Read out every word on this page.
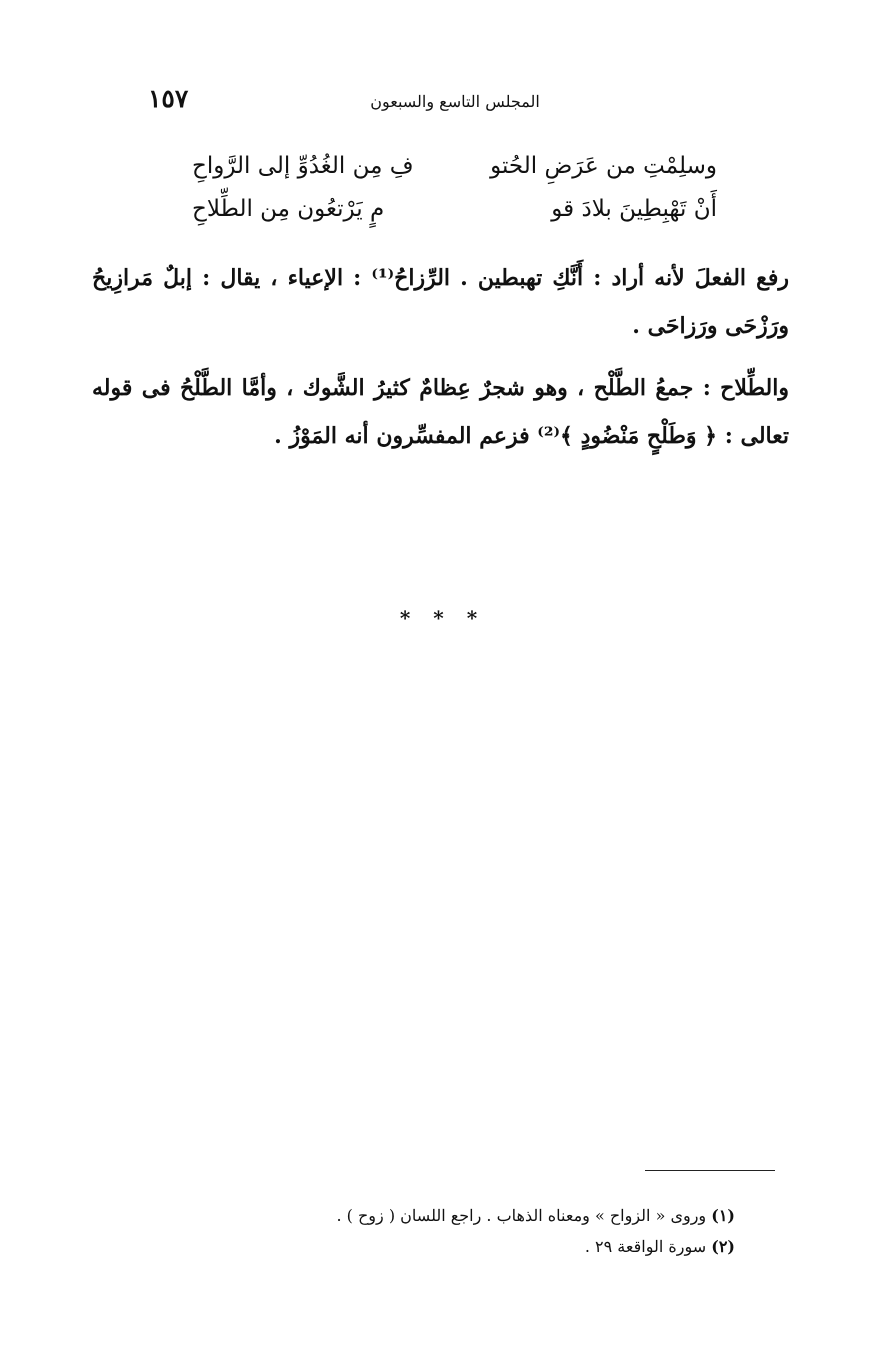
١٥٧	المجلس التاسع والسبعون
وسلِمْتِ من عَرَضِ الحُتو
فِ مِن الغُدُوِّ إلى الرَّواحِ
أَنْ تَهْبِطِينَ بلادَ قو
مٍ يَرْتعُون مِن الطِّلاحِ
رفع الفعلَ لأنه أراد : أَنَّكِ تهبطين . الرِّزاحُ⁽¹⁾ : الإعياء ، يقال : إبلٌ مَرازِيحُ ورَزْحَى ورَزاحَى .
والطِّلاح : جمعُ الطَّلْح ، وهو شجرٌ عِظامٌ كثيرُ الشَّوك ، وأمَّا الطَّلْحُ فى قوله تعالى : ﴿ وَطَلْحٍ مَنْضُودٍ ﴾⁽²⁾ فزعم المفسِّرون أنه المَوْزُ .
* * *
(١) وروى « الزواح » ومعناه الذهاب . راجع اللسان ( زوح ) .
(٢) سورة الواقعة ٢٩ .
